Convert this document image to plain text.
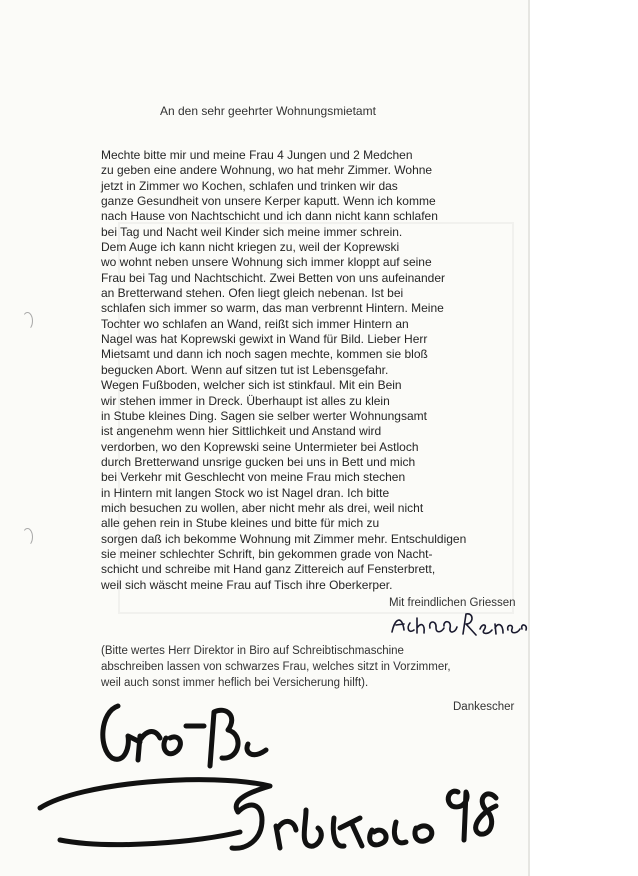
An den sehr geehrter Wohnungsmietamt

Mechte bitte mir und meine Frau 4 Jungen und 2 Medchen
zu geben eine andere Wohnung, wo hat mehr Zimmer. Wohne
jetzt in Zimmer wo Kochen, schlafen und trinken wir das
ganze Gesundheit von unsere Kerper kaputt. Wenn ich komme
nach Hause von Nachtschicht und ich dann nicht kann schlafen
bei Tag und Nacht weil Kinder sich meine immer schrein.
Dem Auge ich kann nicht kriegen zu, weil der Koprewski
wo wohnt neben unsere Wohnung sich immer kloppt auf seine
Frau bei Tag und Nachtschicht. Zwei Betten von uns aufeinander
an Bretterwand stehen. Ofen liegt gleich nebenan. Ist bei
schlafen sich immer so warm, das man verbrennt Hintern. Meine
Tochter wo schlafen an Wand, reißt sich immer Hintern an
Nagel was hat Koprewski gewixt in Wand für Bild. Lieber Herr
Mietsamt und dann ich noch sagen mechte, kommen sie bloß
begucken Abort. Wenn auf sitzen tut ist Lebensgefahr.
Wegen Fußboden, welcher sich ist stinkfaul. Mit ein Bein
wir stehen immer in Dreck. Überhaupt ist alles zu klein
in Stube kleines Ding. Sagen sie selber werter Wohnungsamt
ist angenehm wenn hier Sittlichkeit und Anstand wird
verdorben, wo den Koprewski seine Untermieter bei Astloch
durch Bretterwand unsrige gucken bei uns in Bett und mich
bei Verkehr mit Geschlecht von meine Frau mich stechen
in Hintern mit langen Stock wo ist Nagel dran. Ich bitte
mich besuchen zu wollen, aber nicht mehr als drei, weil nicht
alle gehen rein in Stube kleines und bitte für mich zu
sorgen daß ich bekomme Wohnung mit Zimmer mehr. Entschuldigen
sie meiner schlechter Schrift, bin gekommen grade von Nacht-
schicht und schreibe mit Hand ganz Zittereich auf Fensterbrett,
weil sich wäscht meine Frau auf Tisch ihre Oberkerper.

Mit freindlichen Griessen

(Bitte wertes Herr Direktor in Biro auf Schreibtischmaschine
abschreiben lassen von schwarzes Frau, welches sitzt in Vorzimmer,
weil auch sonst immer heflich bei Versicherung hilft).

Dankescher
